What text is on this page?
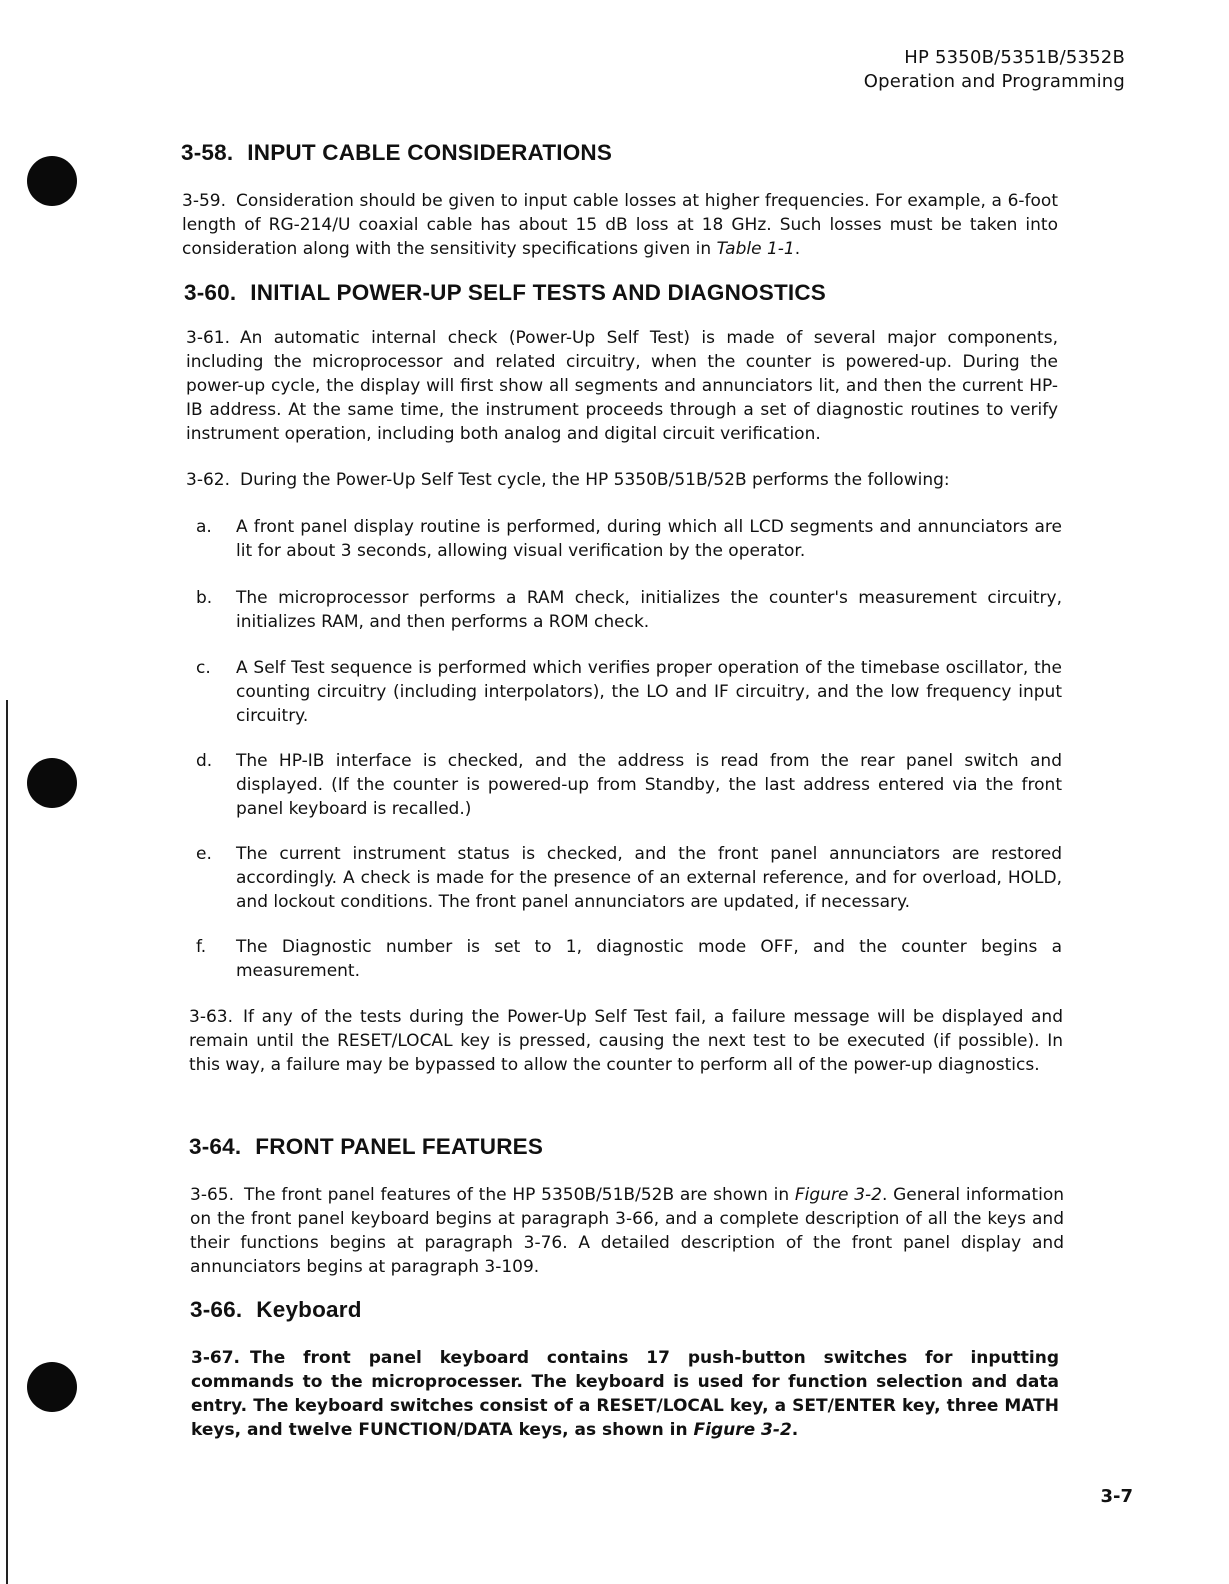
HP 5350B/5351B/5352B
Operation and Programming
3-58. INPUT CABLE CONSIDERATIONS
3-59. Consideration should be given to input cable losses at higher frequencies. For example, a 6-foot length of RG-214/U coaxial cable has about 15 dB loss at 18 GHz. Such losses must be taken into consideration along with the sensitivity specifications given in Table 1-1.
3-60. INITIAL POWER-UP SELF TESTS AND DIAGNOSTICS
3-61. An automatic internal check (Power-Up Self Test) is made of several major components, including the microprocessor and related circuitry, when the counter is powered-up. During the power-up cycle, the display will first show all segments and annunciators lit, and then the current HP-IB address. At the same time, the instrument proceeds through a set of diagnostic routines to verify instrument operation, including both analog and digital circuit verification.
3-62. During the Power-Up Self Test cycle, the HP 5350B/51B/52B performs the following:
a.	A front panel display routine is performed, during which all LCD segments and annunciators are lit for about 3 seconds, allowing visual verification by the operator.
b.	The microprocessor performs a RAM check, initializes the counter's measurement circuitry, initializes RAM, and then performs a ROM check.
c.	A Self Test sequence is performed which verifies proper operation of the timebase oscillator, the counting circuitry (including interpolators), the LO and IF circuitry, and the low frequency input circuitry.
d.	The HP-IB interface is checked, and the address is read from the rear panel switch and displayed. (If the counter is powered-up from Standby, the last address entered via the front panel keyboard is recalled.)
e.	The current instrument status is checked, and the front panel annunciators are restored accordingly. A check is made for the presence of an external reference, and for overload, HOLD, and lockout conditions. The front panel annunciators are updated, if necessary.
f.	The Diagnostic number is set to 1, diagnostic mode OFF, and the counter begins a measurement.
3-63. If any of the tests during the Power-Up Self Test fail, a failure message will be displayed and remain until the RESET/LOCAL key is pressed, causing the next test to be executed (if possible). In this way, a failure may be bypassed to allow the counter to perform all of the power-up diagnostics.
3-64. FRONT PANEL FEATURES
3-65. The front panel features of the HP 5350B/51B/52B are shown in Figure 3-2. General information on the front panel keyboard begins at paragraph 3-66, and a complete description of all the keys and their functions begins at paragraph 3-76. A detailed description of the front panel display and annunciators begins at paragraph 3-109.
3-66. Keyboard
3-67. The front panel keyboard contains 17 push-button switches for inputting commands to the microprocesser. The keyboard is used for function selection and data entry. The keyboard switches consist of a RESET/LOCAL key, a SET/ENTER key, three MATH keys, and twelve FUNCTION/DATA keys, as shown in Figure 3-2.
3-7
